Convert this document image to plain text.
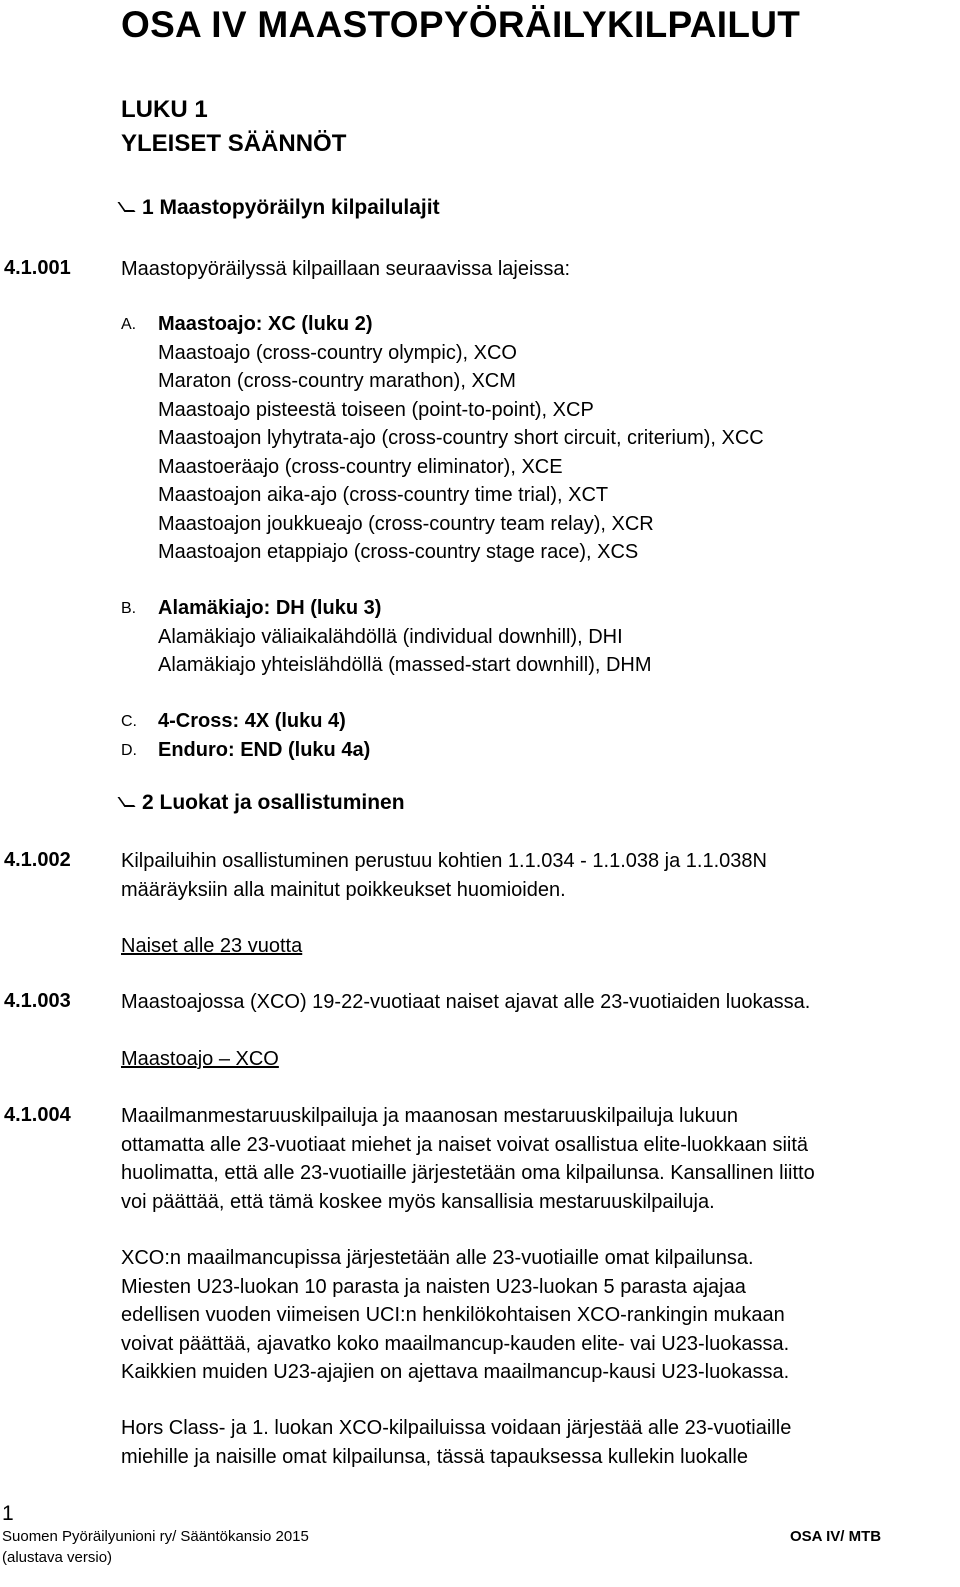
OSA IV MAASTOPYÖRÄILYKILPAILUT
LUKU 1
YLEISET SÄÄNNÖT
1 Maastopyöräilyn kilpailulajit
4.1.001	Maastopyöräilyssä kilpaillaan seuraavissa lajeissa:
A. Maastoajo: XC (luku 2)
Maastoajo (cross-country olympic), XCO
Maraton (cross-country marathon), XCM
Maastoajo pisteestä toiseen (point-to-point), XCP
Maastoajon lyhytrata-ajo (cross-country short circuit, criterium), XCC
Maastoeräajo (cross-country eliminator), XCE
Maastoajon aika-ajo (cross-country time trial), XCT
Maastoajon joukkueajo (cross-country team relay), XCR
Maastoajon etappiajo (cross-country stage race), XCS
B. Alamäkiajo: DH (luku 3)
Alamäkiajo väliaikalähdöllä (individual downhill), DHI
Alamäkiajo yhteislähdöllä (massed-start downhill), DHM
C. 4-Cross: 4X (luku 4)
D. Enduro: END (luku 4a)
2 Luokat ja osallistuminen
4.1.002	Kilpailuihin osallistuminen perustuu kohtien 1.1.034 - 1.1.038 ja 1.1.038N
määräyksiin alla mainitut poikkeukset huomioiden.
Naiset alle 23 vuotta
4.1.003	Maastoajossa (XCO) 19-22-vuotiaat naiset ajavat alle 23-vuotiaiden luokassa.
Maastoajo – XCO
4.1.004	Maailmanmestaruuskilpailuja ja maanosan mestaruuskilpailuja lukuun
ottamatta alle 23-vuotiaat miehet ja naiset voivat osallistua elite-luokkaan siitä
huolimatta, että alle 23-vuotiaille järjestetään oma kilpailunsa. Kansallinen liitto
voi päättää, että tämä koskee myös kansallisia mestaruuskilpailuja.
XCO:n maailmancupissa järjestetään alle 23-vuotiaille omat kilpailunsa.
Miesten U23-luokan 10 parasta ja naisten U23-luokan 5 parasta ajajaa
edellisen vuoden viimeisen UCI:n henkilökohtaisen XCO-rankingin mukaan
voivat päättää, ajavatko koko maailmancup-kauden elite- vai U23-luokassa.
Kaikkien muiden U23-ajajien on ajettava maailmancup-kausi U23-luokassa.
Hors Class- ja 1. luokan XCO-kilpailuissa voidaan järjestää alle 23-vuotiaille
miehille ja naisille omat kilpailunsa, tässä tapauksessa kullekin luokalle
1
Suomen Pyöräilyunioni ry/ Sääntökansio 2015
(alustava versio)
OSA IV/ MTB
